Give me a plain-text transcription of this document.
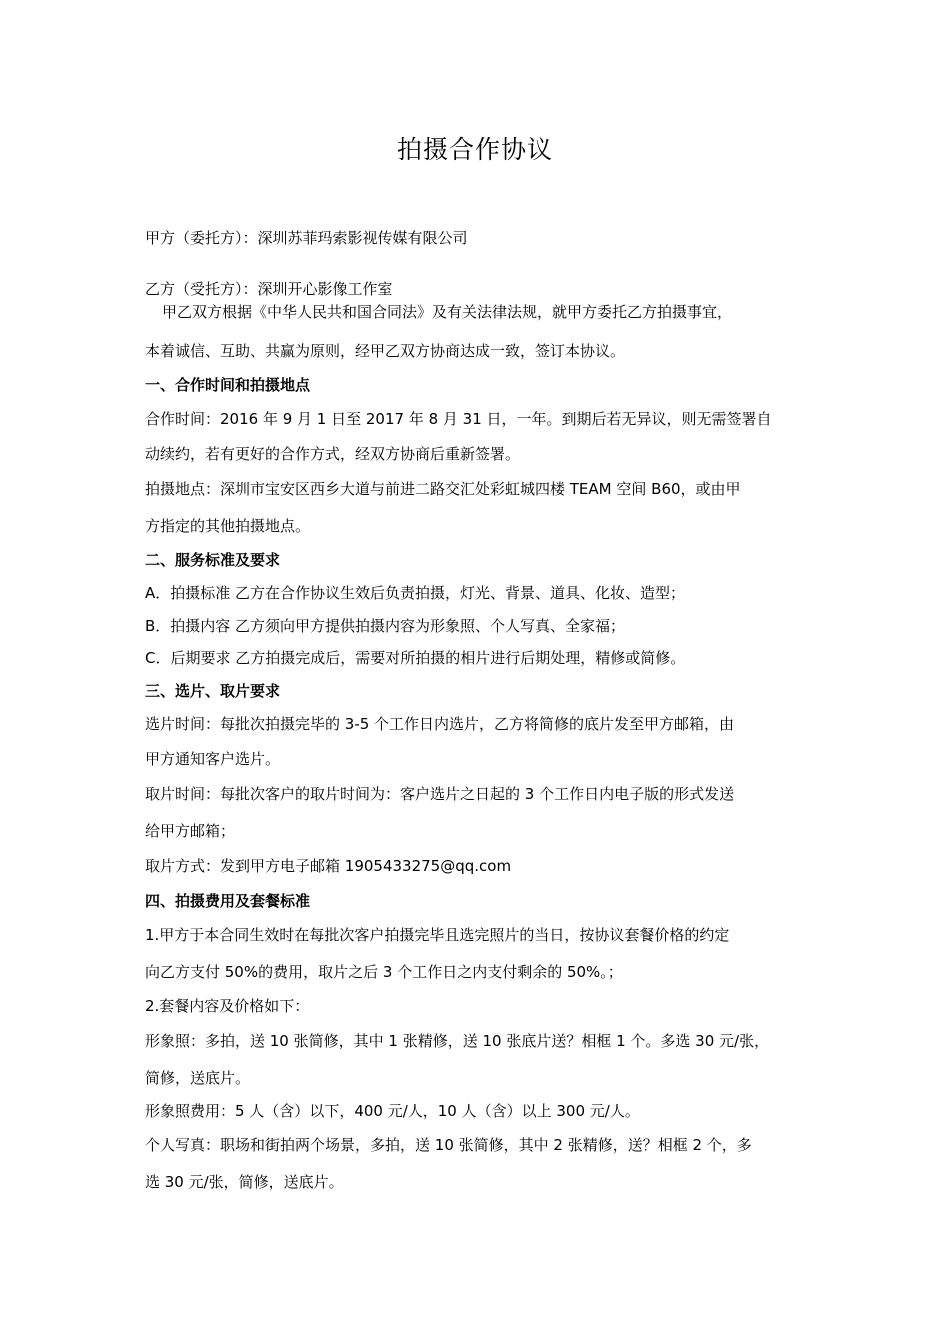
拍摄合作协议
甲方（委托方）：深圳苏菲玛索影视传媒有限公司
乙方（受托方）：深圳开心影像工作室
甲乙双方根据《中华人民共和国合同法》及有关法律法规，就甲方委托乙方拍摄事宜，
本着诚信、互助、共赢为原则，经甲乙双方协商达成一致，签订本协议。
一、合作时间和拍摄地点
合作时间：2016 年 9 月 1 日至 2017 年 8 月 31 日，一年。到期后若无异议，则无需签署自
动续约，若有更好的合作方式，经双方协商后重新签署。
拍摄地点：深圳市宝安区西乡大道与前进二路交汇处彩虹城四楼 TEAM 空间 B60，或由甲
方指定的其他拍摄地点。
二、服务标准及要求
A．拍摄标准 乙方在合作协议生效后负责拍摄，灯光、背景、道具、化妆、造型；
B．拍摄内容 乙方须向甲方提供拍摄内容为形象照、个人写真、全家福；
C．后期要求 乙方拍摄完成后，需要对所拍摄的相片进行后期处理，精修或简修。
三、选片、取片要求
选片时间：每批次拍摄完毕的 3-5 个工作日内选片，乙方将简修的底片发至甲方邮箱，由
甲方通知客户选片。
取片时间：每批次客户的取片时间为：客户选片之日起的 3 个工作日内电子版的形式发送
给甲方邮箱；
取片方式：发到甲方电子邮箱 1905433275@qq.com
四、拍摄费用及套餐标准
1.甲方于本合同生效时在每批次客户拍摄完毕且选完照片的当日，按协议套餐价格的约定
向乙方支付 50%的费用，取片之后 3 个工作日之内支付剩余的 50%。；
2.套餐内容及价格如下：
形象照：多拍，送 10 张简修，其中 1 张精修，送 10 张底片送？相框 1 个。多选 30 元/张，
简修，送底片。
形象照费用：5 人（含）以下，400 元/人，10 人（含）以上 300 元/人。
个人写真：职场和街拍两个场景，多拍，送 10 张简修，其中 2 张精修，送？相框 2 个，多
选 30 元/张，简修，送底片。
